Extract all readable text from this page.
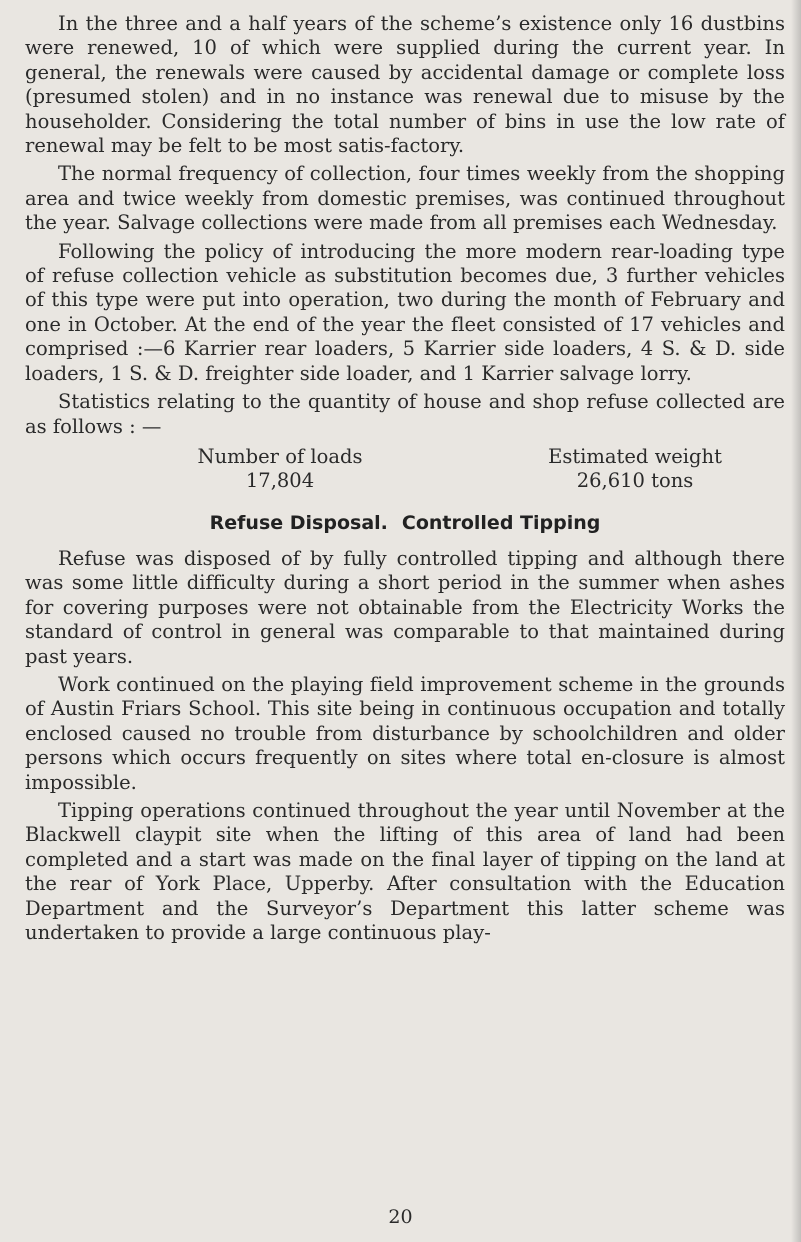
In the three and a half years of the scheme’s existence only 16 dustbins were renewed, 10 of which were supplied during the current year. In general, the renewals were caused by accidental damage or complete loss (presumed stolen) and in no instance was renewal due to misuse by the householder. Considering the total number of bins in use the low rate of renewal may be felt to be most satis-factory.

The normal frequency of collection, four times weekly from the shopping area and twice weekly from domestic premises, was continued throughout the year. Salvage collections were made from all premises each Wednesday.

Following the policy of introducing the more modern rear-loading type of refuse collection vehicle as substitution becomes due, 3 further vehicles of this type were put into operation, two during the month of February and one in October. At the end of the year the fleet consisted of 17 vehicles and comprised :—6 Karrier rear loaders, 5 Karrier side loaders, 4 S. & D. side loaders, 1 S. & D. freighter side loader, and 1 Karrier salvage lorry.

Statistics relating to the quantity of house and shop refuse collected are as follows : —

Number of loads
17,804
Estimated weight
26,610 tons
Refuse Disposal. Controlled Tipping

Refuse was disposed of by fully controlled tipping and although there was some little difficulty during a short period in the summer when ashes for covering purposes were not obtainable from the Electricity Works the standard of control in general was comparable to that maintained during past years.

Work continued on the playing field improvement scheme in the grounds of Austin Friars School. This site being in continuous occupation and totally enclosed caused no trouble from disturbance by schoolchildren and older persons which occurs frequently on sites where total en-closure is almost impossible.

Tipping operations continued throughout the year until November at the Blackwell claypit site when the lifting of this area of land had been completed and a start was made on the final layer of tipping on the land at the rear of York Place, Upperby. After consultation with the Education Department and the Surveyor’s Department this latter scheme was undertaken to provide a large continuous play-

20
